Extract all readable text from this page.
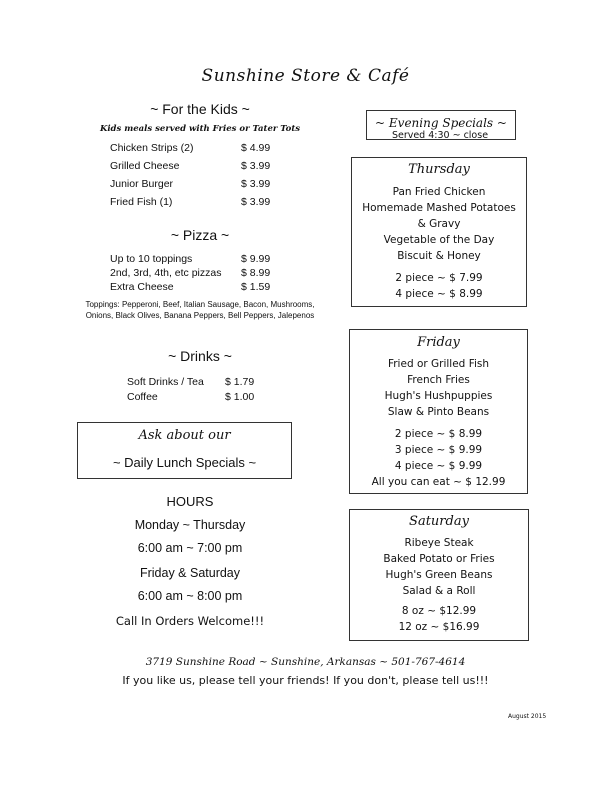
Sunshine Store & Café
~ For the Kids ~
Kids meals served with Fries or Tater Tots
Chicken Strips (2)	$ 4.99
Grilled Cheese	$ 3.99
Junior Burger	$ 3.99
Fried Fish (1)	$ 3.99
~ Pizza ~
Up to 10 toppings	$ 9.99
2nd, 3rd, 4th, etc pizzas $ 8.99
Extra Cheese	$ 1.59
Toppings: Pepperoni, Beef, Italian Sausage, Bacon, Mushrooms, Onions, Black Olives, Banana Peppers, Bell Peppers, Jalepenos
~ Drinks ~
Soft Drinks / Tea $ 1.79
Coffee	$ 1.00
Ask about our
~ Daily Lunch Specials ~
HOURS
Monday ~ Thursday
6:00 am ~ 7:00 pm
Friday & Saturday
6:00 am ~ 8:00 pm
Call In Orders Welcome!!!
~ Evening Specials ~
Served 4:30 ~ close
Thursday
Pan Fried Chicken
Homemade Mashed Potatoes
& Gravy
Vegetable of the Day
Biscuit & Honey
2 piece ~ $ 7.99
4 piece ~ $ 8.99
Friday
Fried or Grilled Fish
French Fries
Hugh's Hushpuppies
Slaw & Pinto Beans
2 piece ~ $ 8.99
3 piece ~ $ 9.99
4 piece ~ $ 9.99
All you can eat ~ $ 12.99
Saturday
Ribeye Steak
Baked Potato or Fries
Hugh's Green Beans
Salad & a Roll
8 oz ~ $12.99
12 oz ~ $16.99
3719 Sunshine Road ~ Sunshine, Arkansas ~ 501-767-4614
If you like us, please tell your friends! If you don't, please tell us!!!
August 2015
